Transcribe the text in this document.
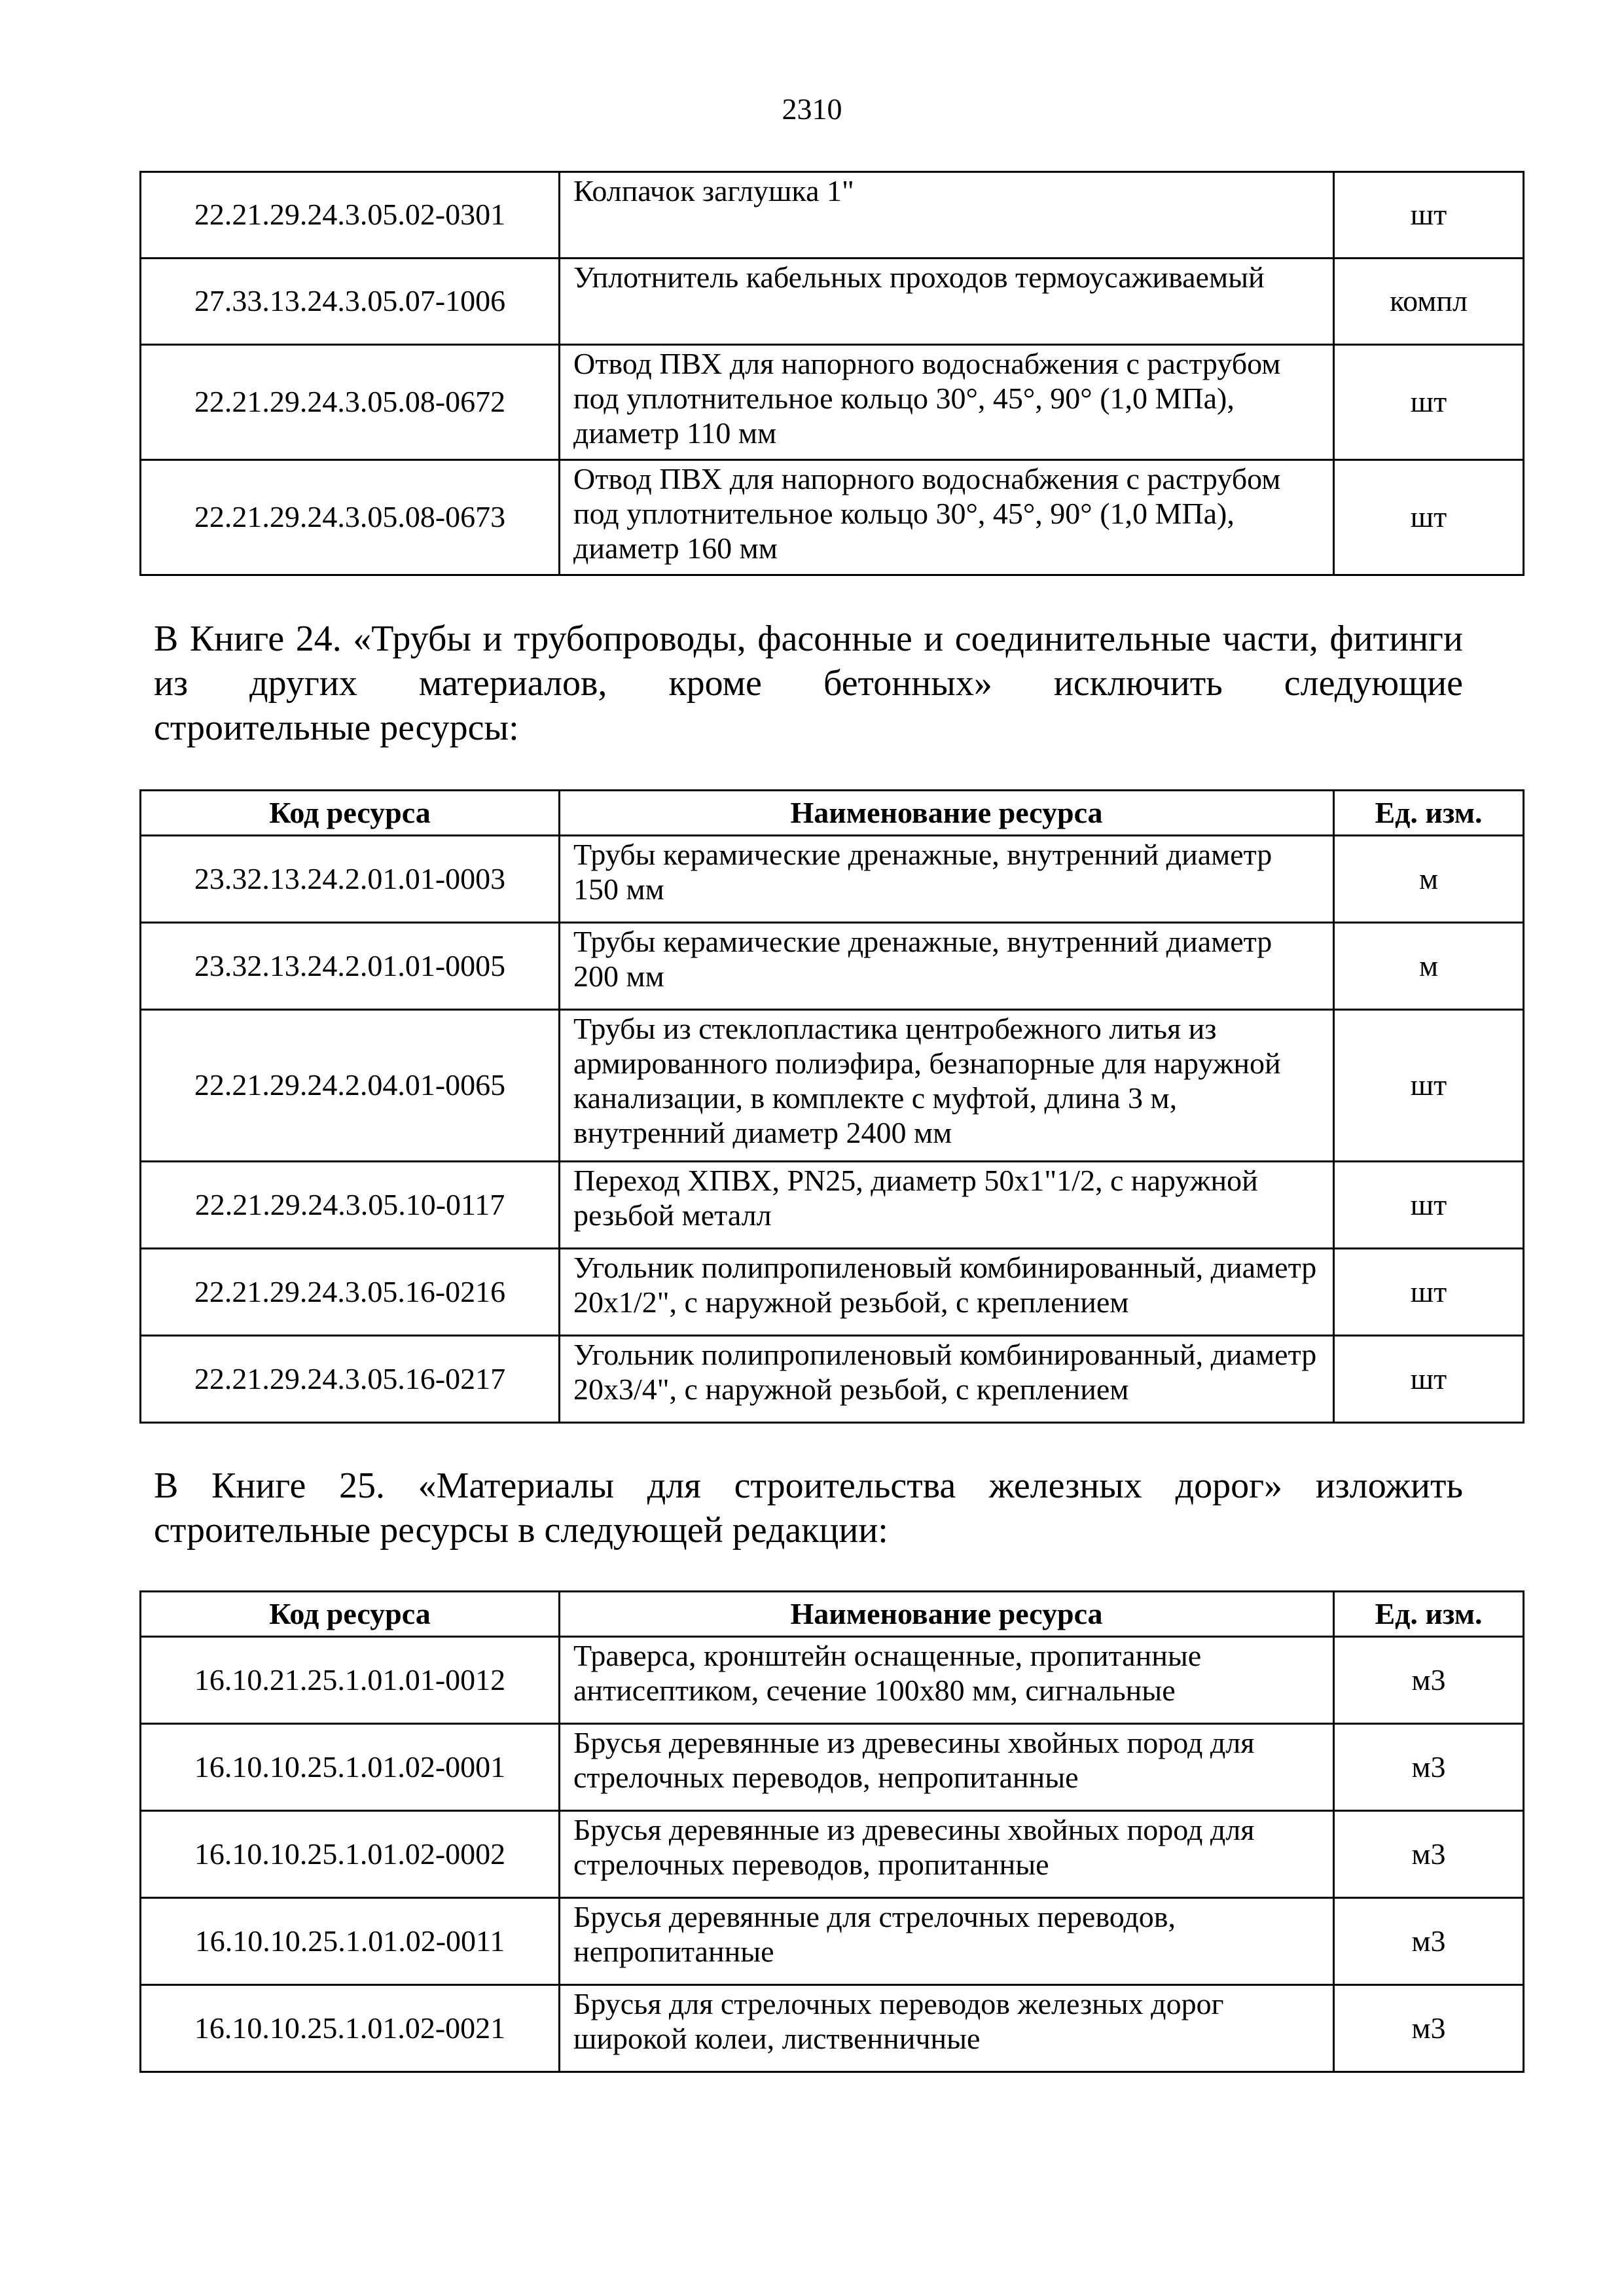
2310
22.21.29.24.3.05.02-0301	Колпачок заглушка 1"	шт
27.33.13.24.3.05.07-1006	Уплотнитель кабельных проходов термоусаживаемый	компл
22.21.29.24.3.05.08-0672	Отвод ПВХ для напорного водоснабжения с раструбом под уплотнительное кольцо 30°, 45°, 90° (1,0 МПа), диаметр 110 мм	шт
22.21.29.24.3.05.08-0673	Отвод ПВХ для напорного водоснабжения с раструбом под уплотнительное кольцо 30°, 45°, 90° (1,0 МПа), диаметр 160 мм	шт
В Книге 24. «Трубы и трубопроводы, фасонные и соединительные части, фитинги из других материалов, кроме бетонных» исключить следующие
строительные ресурсы:
Код ресурса	Наименование ресурса	Ед. изм.
23.32.13.24.2.01.01-0003	Трубы керамические дренажные, внутренний диаметр 150 мм	м
23.32.13.24.2.01.01-0005	Трубы керамические дренажные, внутренний диаметр 200 мм	м
22.21.29.24.2.04.01-0065	Трубы из стеклопластика центробежного литья из армированного полиэфира, безнапорные для наружной канализации, в комплекте с муфтой, длина 3 м, внутренний диаметр 2400 мм	шт
22.21.29.24.3.05.10-0117	Переход ХПВХ, PN25, диаметр 50х1"1/2, с наружной резьбой металл	шт
22.21.29.24.3.05.16-0216	Угольник полипропиленовый комбинированный, диаметр 20х1/2", с наружной резьбой, с креплением	шт
22.21.29.24.3.05.16-0217	Угольник полипропиленовый комбинированный, диаметр 20х3/4", с наружной резьбой, с креплением	шт
В Книге 25. «Материалы для строительства железных дорог» изложить
строительные ресурсы в следующей редакции:
Код ресурса	Наименование ресурса	Ед. изм.
16.10.21.25.1.01.01-0012	Траверса, кронштейн оснащенные, пропитанные антисептиком, сечение 100х80 мм, сигнальные	м3
16.10.10.25.1.01.02-0001	Брусья деревянные из древесины хвойных пород для стрелочных переводов, непропитанные	м3
16.10.10.25.1.01.02-0002	Брусья деревянные из древесины хвойных пород для стрелочных переводов, пропитанные	м3
16.10.10.25.1.01.02-0011	Брусья деревянные для стрелочных переводов, непропитанные	м3
16.10.10.25.1.01.02-0021	Брусья для стрелочных переводов железных дорог широкой колеи, лиственничные	м3
